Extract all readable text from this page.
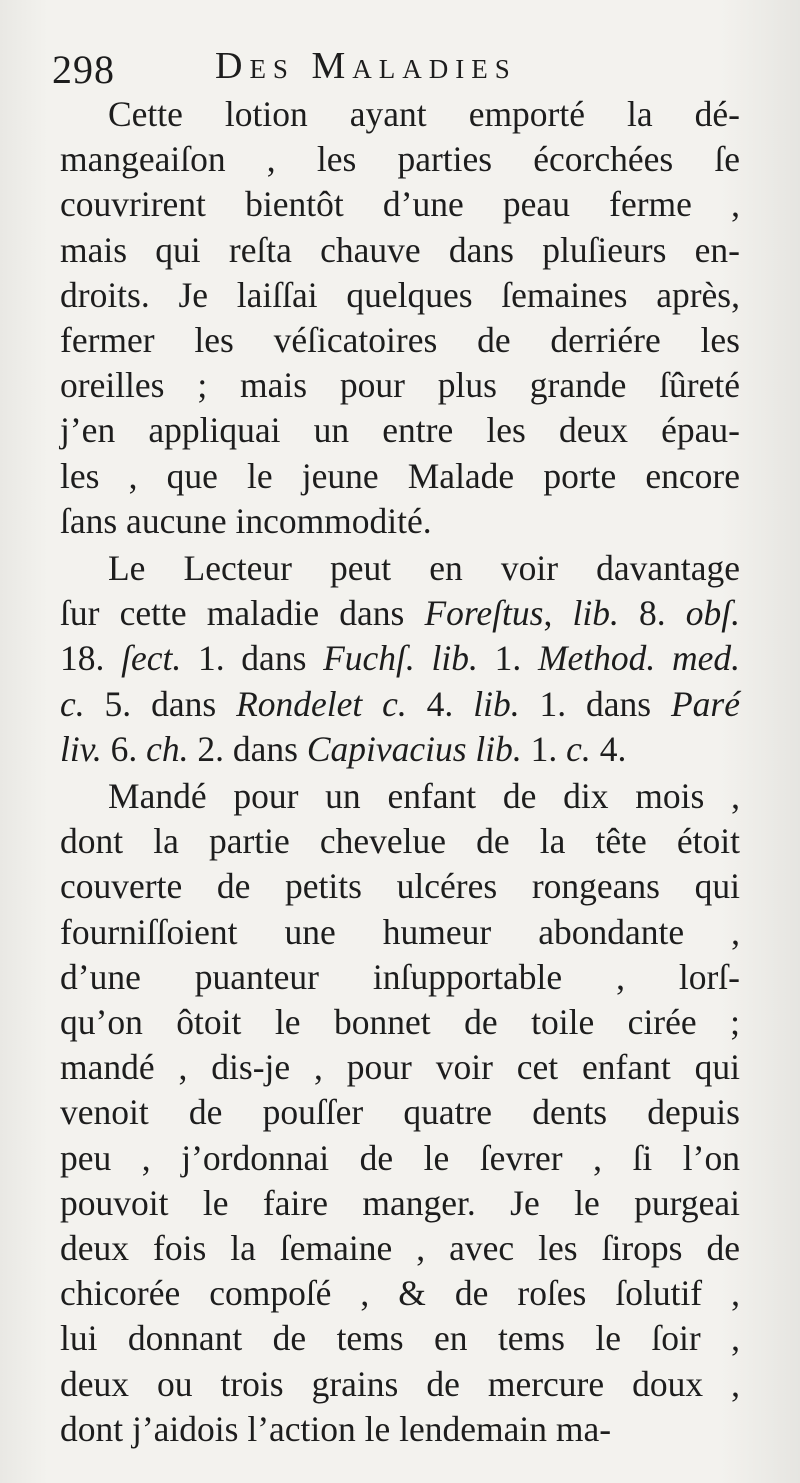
298	Des Maladies
Cette lotion ayant emporté la dé-
mangeaiſon , les parties écorchées ſe
couvrirent bientôt d’une peau ferme ,
mais qui reſta chauve dans pluſieurs en-
droits. Je laiſſai quelques ſemaines après,
fermer les véſicatoires de derriére les
oreilles ; mais pour plus grande ſûreté
j’en appliquai un entre les deux épau-
les , que le jeune Malade porte encore
ſans aucune incommodité.
Le Lecteur peut en voir davantage
ſur cette maladie dans Foreſtus, lib. 8. obſ.
18. ſect. 1. dans Fuchſ. lib. 1. Method. med.
c. 5. dans Rondelet c. 4. lib. 1. dans Paré
liv. 6. ch. 2. dans Capivacius lib. 1. c. 4.
Mandé pour un enfant de dix mois ,
dont la partie chevelue de la tête étoit
couverte de petits ulcéres rongeans qui
fourniſſoient une humeur abondante ,
d’une puanteur inſupportable , lorſ-
qu’on ôtoit le bonnet de toile cirée ;
mandé , dis-je , pour voir cet enfant qui
venoit de pouſſer quatre dents depuis
peu , j’ordonnai de le ſevrer , ſi l’on
pouvoit le faire manger. Je le purgeai
deux fois la ſemaine , avec les ſirops de
chicorée compoſé , & de roſes ſolutif ,
lui donnant de tems en tems le ſoir ,
deux ou trois grains de mercure doux ,
dont j’aidois l’action le lendemain ma-
